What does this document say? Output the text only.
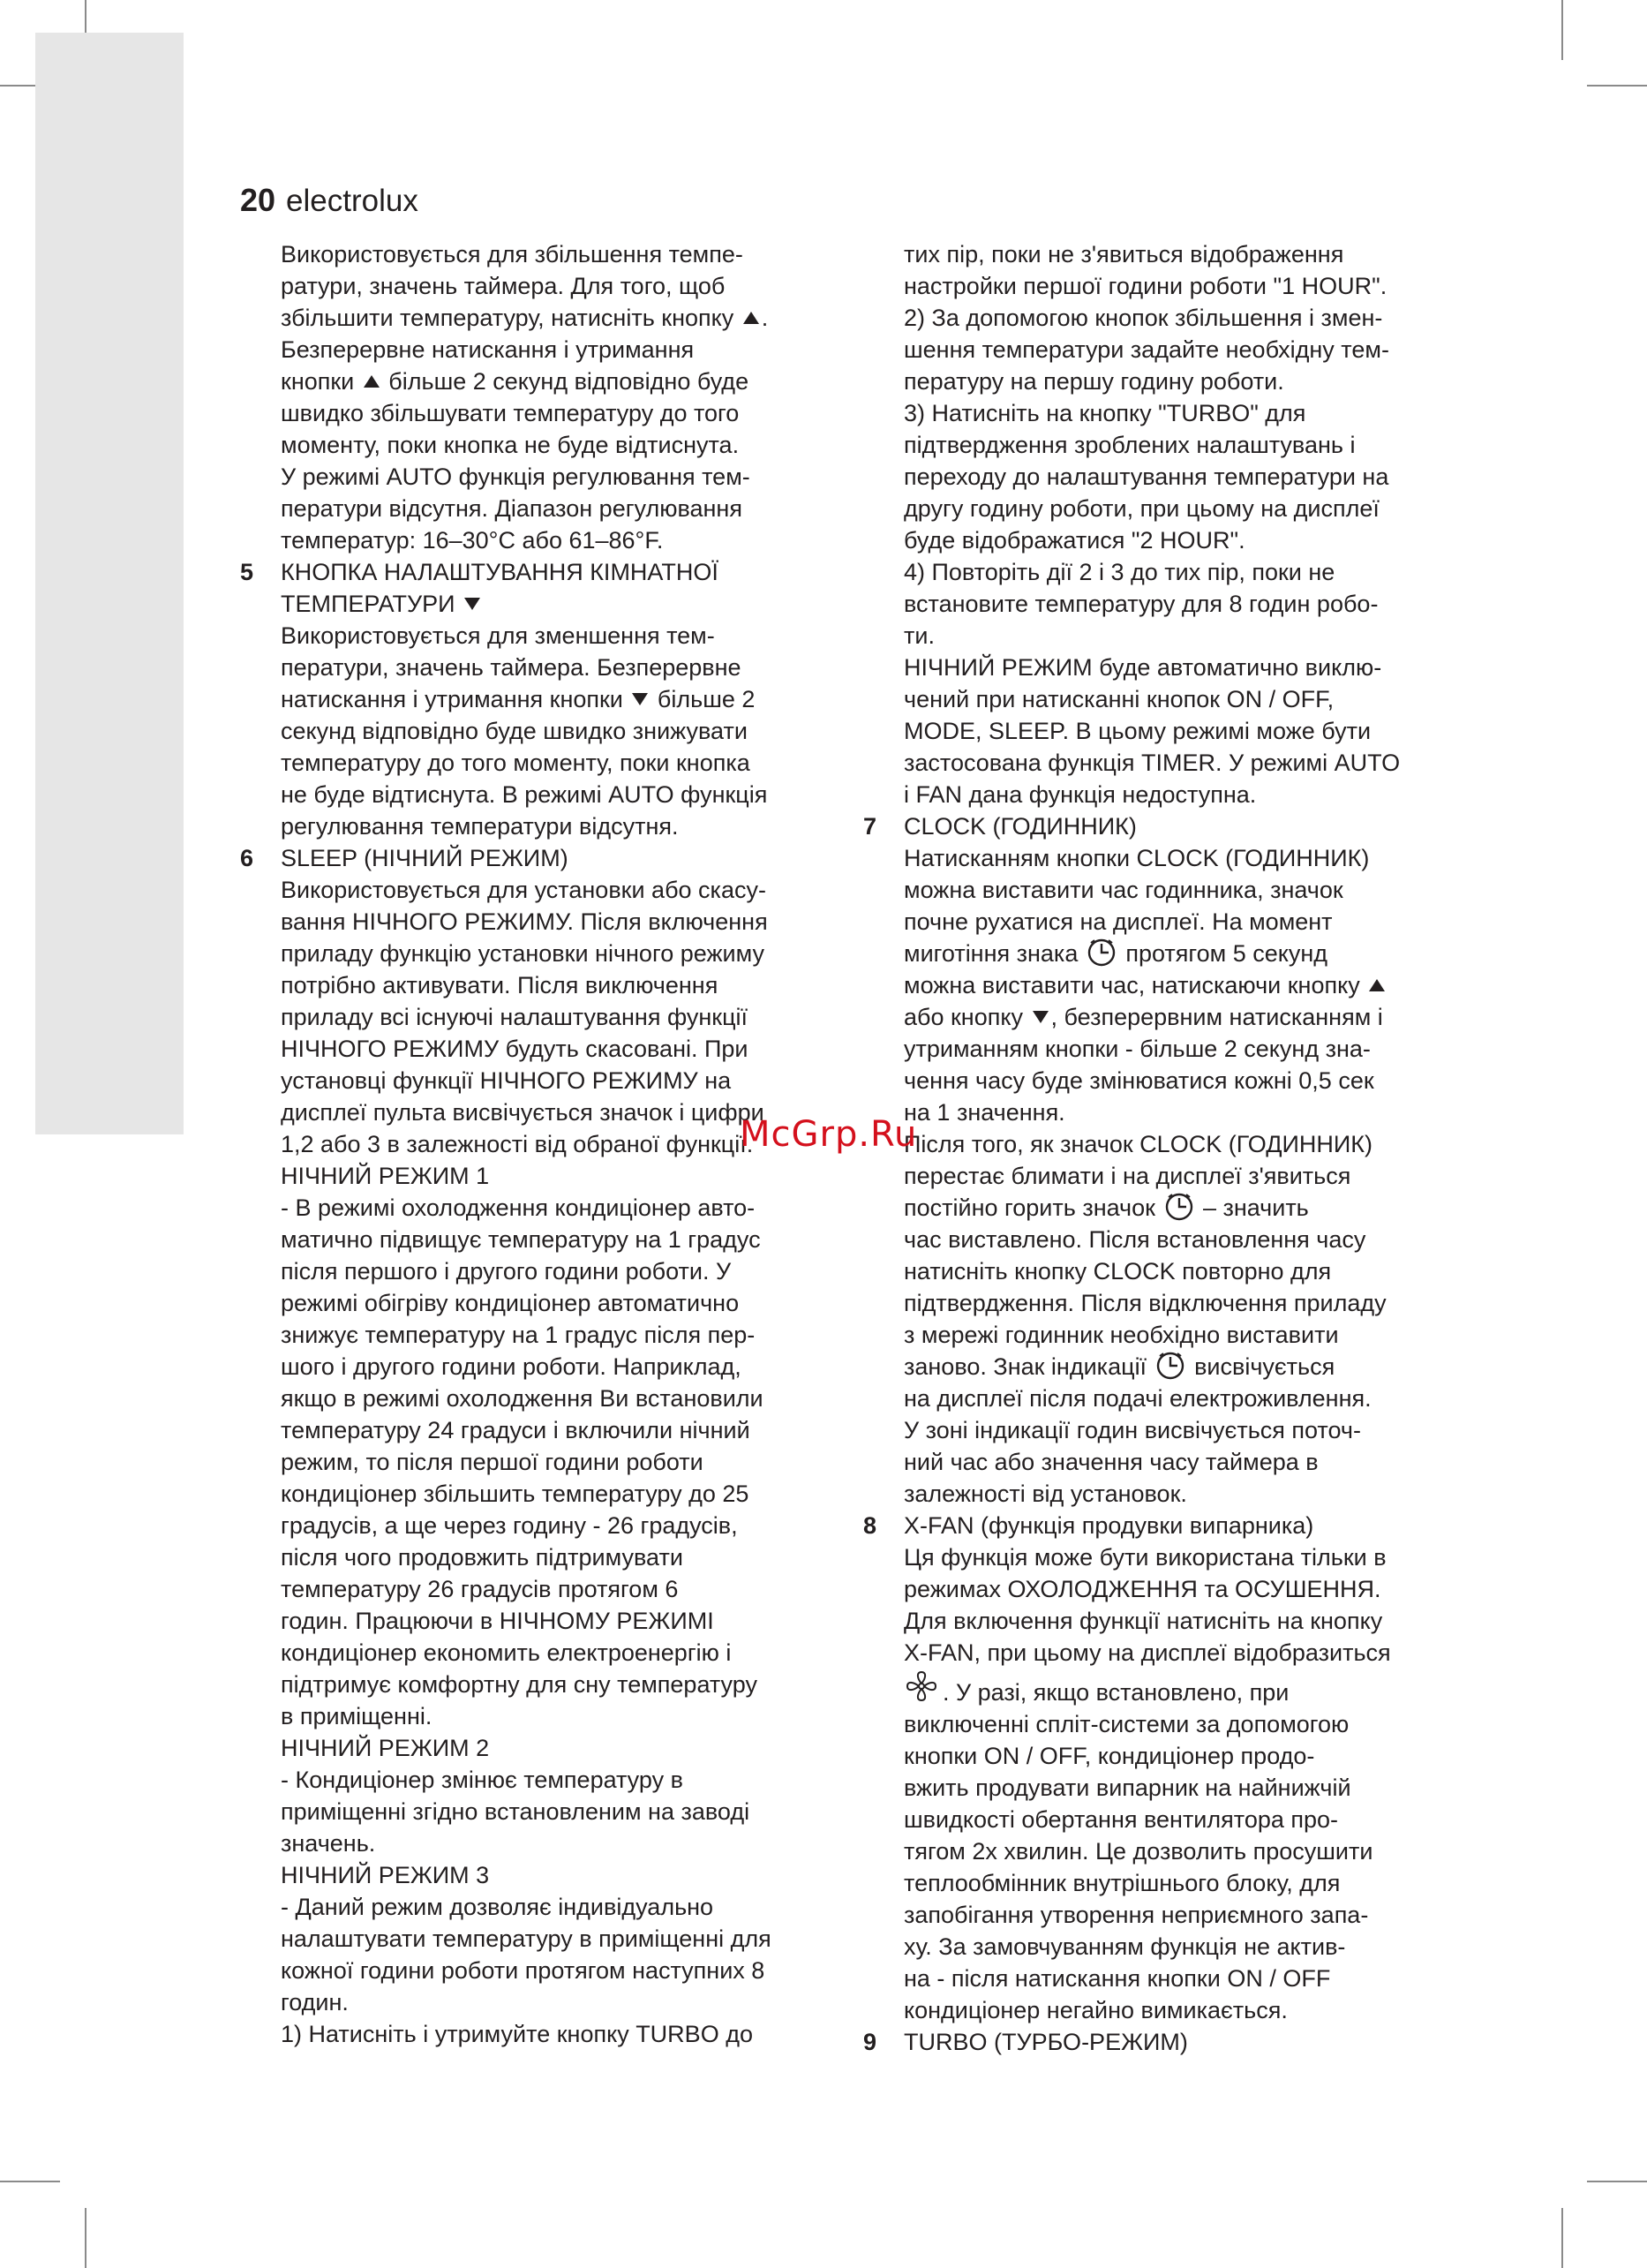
20 electrolux
Використовується для збільшення темпе-
ратури, значень таймера. Для того, щоб
збільшити температуру, натисніть кнопку .
Безперервне натискання і утримання
кнопки більше 2 секунд відповідно буде
швидко збільшувати температуру до того
моменту, поки кнопка не буде відтиснута.
У режимі AUTO функція регулювання тем-
ператури відсутня. Діапазон регулювання
температур: 16–30°C або 61–86°F.
5 КНОПКА НАЛАШТУВАННЯ КІМНАТНОЇ
ТЕМПЕРАТУРИ
Використовується для зменшення тем-
ператури, значень таймера. Безперервне
натискання і утримання кнопки більше 2
секунд відповідно буде швидко знижувати
температуру до того моменту, поки кнопка
не буде відтиснута. В режимі AUTO функція
регулювання температури відсутня.
6 SLEEP (НІЧНИЙ РЕЖИМ)
Використовується для установки або скасу-
вання НІЧНОГО РЕЖИМУ. Після включення
приладу функцію установки нічного режиму
потрібно активувати. Після виключення
приладу всі існуючі налаштування функції
НІЧНОГО РЕЖИМУ будуть скасовані. При
установці функції НІЧНОГО РЕЖИМУ на
дисплеї пульта висвічується значок і цифри
1,2 або 3 в залежності від обраної функції.
НІЧНИЙ РЕЖИМ 1
- В режимі охолодження кондиціонер авто-
матично підвищує температуру на 1 градус
після першого і другого години роботи. У
режимі обігріву кондиціонер автоматично
знижує температуру на 1 градус після пер-
шого і другого години роботи. Наприклад,
якщо в режимі охолодження Ви встановили
температуру 24 градуси і включили нічний
режим, то після першої години роботи
кондиціонер збільшить температуру до 25
градусів, а ще через годину - 26 градусів,
після чого продовжить підтримувати
температуру 26 градусів протягом 6
годин. Працюючи в НІЧНОМУ РЕЖИМІ
кондиціонер економить електроенергію і
підтримує комфортну для сну температуру
в приміщенні.
НІЧНИЙ РЕЖИМ 2
- Кондиціонер змінює температуру в
приміщенні згідно встановленим на заводі
значень.
НІЧНИЙ РЕЖИМ 3
- Даний режим дозволяє індивідуально
налаштувати температуру в приміщенні для
кожної години роботи протягом наступних 8
годин.
1) Натисніть і утримуйте кнопку TURBO до
тих пір, поки не з'явиться відображення
настройки першої години роботи "1 HOUR".
2) За допомогою кнопок збільшення і змен-
шення температури задайте необхідну тем-
пературу на першу годину роботи.
3) Натисніть на кнопку "TURBO" для
підтвердження зроблених налаштувань і
переходу до налаштування температури на
другу годину роботи, при цьому на дисплеї
буде відображатися "2 HOUR".
4) Повторіть дії 2 і 3 до тих пір, поки не
встановите температуру для 8 годин робо-
ти.
НІЧНИЙ РЕЖИМ буде автоматично виклю-
чений при натисканні кнопок ON / OFF,
MODE, SLEEP. В цьому режимі може бути
застосована функція TIMER. У режимі AUTO
і FAN дана функція недоступна.
7 CLOCK (ГОДИННИК)
Натисканням кнопки CLOCK (ГОДИННИК)
можна виставити час годинника, значок
почне рухатися на дисплеї. На момент
миготіння знака протягом 5 секунд
можна виставити час, натискаючи кнопку
або кнопку , безперервним натисканням і
утриманням кнопки - більше 2 секунд зна-
чення часу буде змінюватися кожні 0,5 сек
на 1 значення.
Після того, як значок CLOCK (ГОДИННИК)
перестає блимати і на дисплеї з'явиться
постійно горить значок – значить
час виставлено. Після встановлення часу
натисніть кнопку CLOCK повторно для
підтвердження. Після відключення приладу
з мережі годинник необхідно виставити
заново. Знак індикації висвічується
на дисплеї після подачі електроживлення.
У зоні індикації годин висвічується поточ-
ний час або значення часу таймера в
залежності від установок.
8 X-FAN (функція продувки випарника)
Ця функція може бути використана тільки в
режимах ОХОЛОДЖЕННЯ та ОСУШЕННЯ.
Для включення функції натисніть на кнопку
X-FAN, при цьому на дисплеї відобразиться
. У разі, якщо встановлено, при
виключенні спліт-системи за допомогою
кнопки ON / OFF, кондиціонер продо-
вжить продувати випарник на найнижчій
швидкості обертання вентилятора про-
тягом 2х хвилин. Це дозволить просушити
теплообмінник внутрішнього блоку, для
запобігання утворення неприємного запа-
ху. За замовчуванням функція не актив-
на - після натискання кнопки ON / OFF
кондиціонер негайно вимикається.
9 TURBO (ТУРБО-РЕЖИМ)
McGrp.Ru
